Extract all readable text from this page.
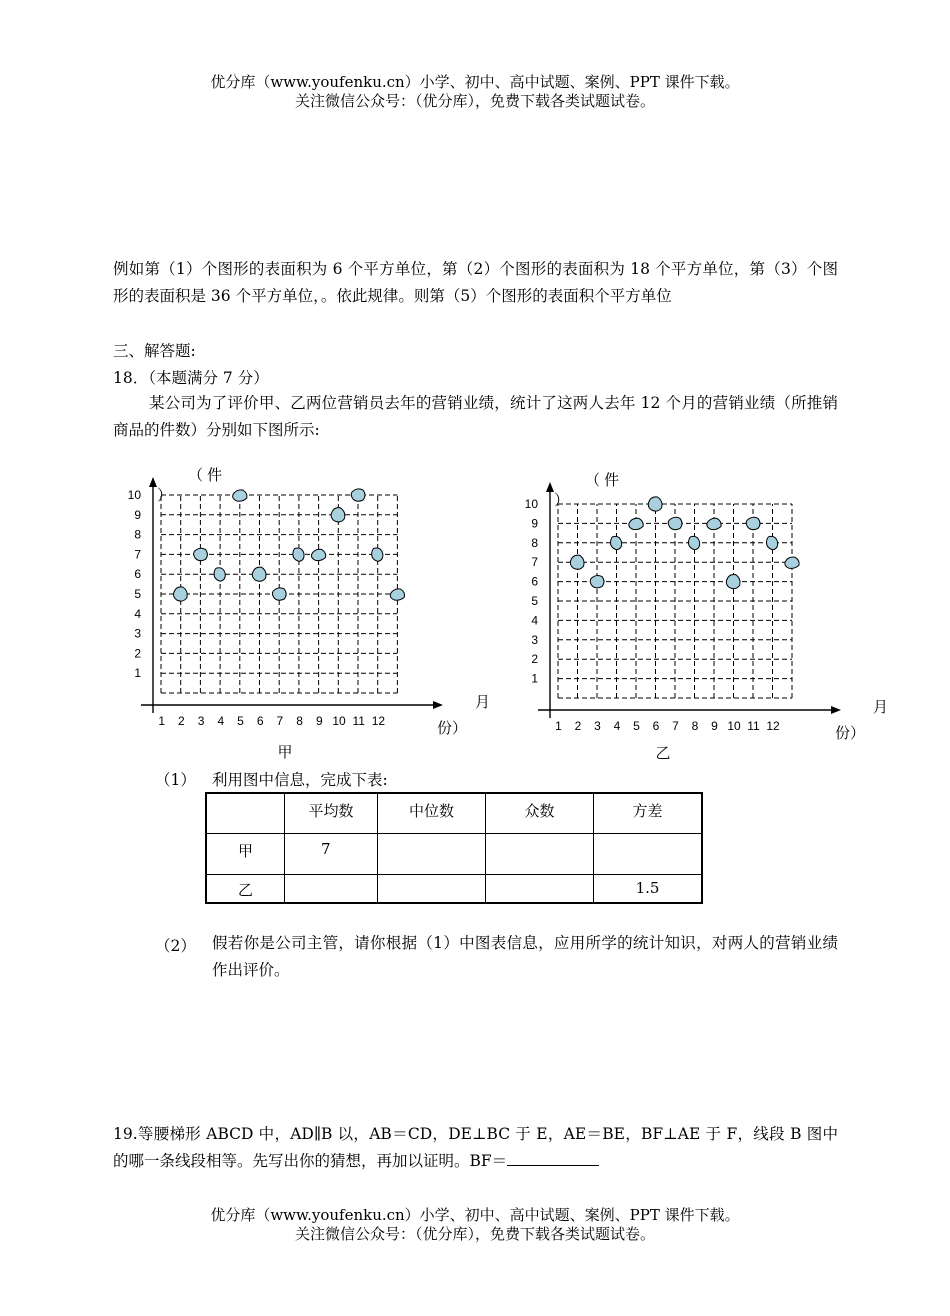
优分库（www.youfenku.cn）小学、初中、高中试题、案例、PPT 课件下载。
关注微信公众号：（优分库），免费下载各类试题试卷。
例如第（1）个图形的表面积为 6 个平方单位，第（2）个图形的表面积为 18 个平方单位，第（3）个图形的表面积是 36 个平方单位，。依此规律。则第（5）个图形的表面积个平方单位
三、解答题:
18．（本题满分 7 分）
某公司为了评价甲、乙两位营销员去年的营销业绩，统计了这两人去年 12 个月的营销业绩（所推销商品的件数）分别如下图所示:
1
2
3
4
5
6
7
8
9
10
1 2 3 4 5 6 7 8 9 10 11 12
（ 件
）
月
份）
甲
1
2
3
4
5
6
7
8
9
10
1 2 3 4 5 6 7 8 9 10 11 12
（ 件
）
月
份）
乙
（1） 利用图中信息，完成下表:
	平均数	中位数	众数	方差
甲	7			
乙				1.5
（2） 假若你是公司主管，请你根据（1）中图表信息，应用所学的统计知识，对两人的营销业绩作出评价。
19.等腰梯形 ABCD 中，AD∥B 以，AB＝CD，DE⊥BC 于 E，AE＝BE，BF⊥AE 于 F，线段 B 图中的哪一条线段相等。先写出你的猜想，再加以证明。BF＝
优分库（www.youfenku.cn）小学、初中、高中试题、案例、PPT 课件下载。
关注微信公众号：（优分库），免费下载各类试题试卷。
